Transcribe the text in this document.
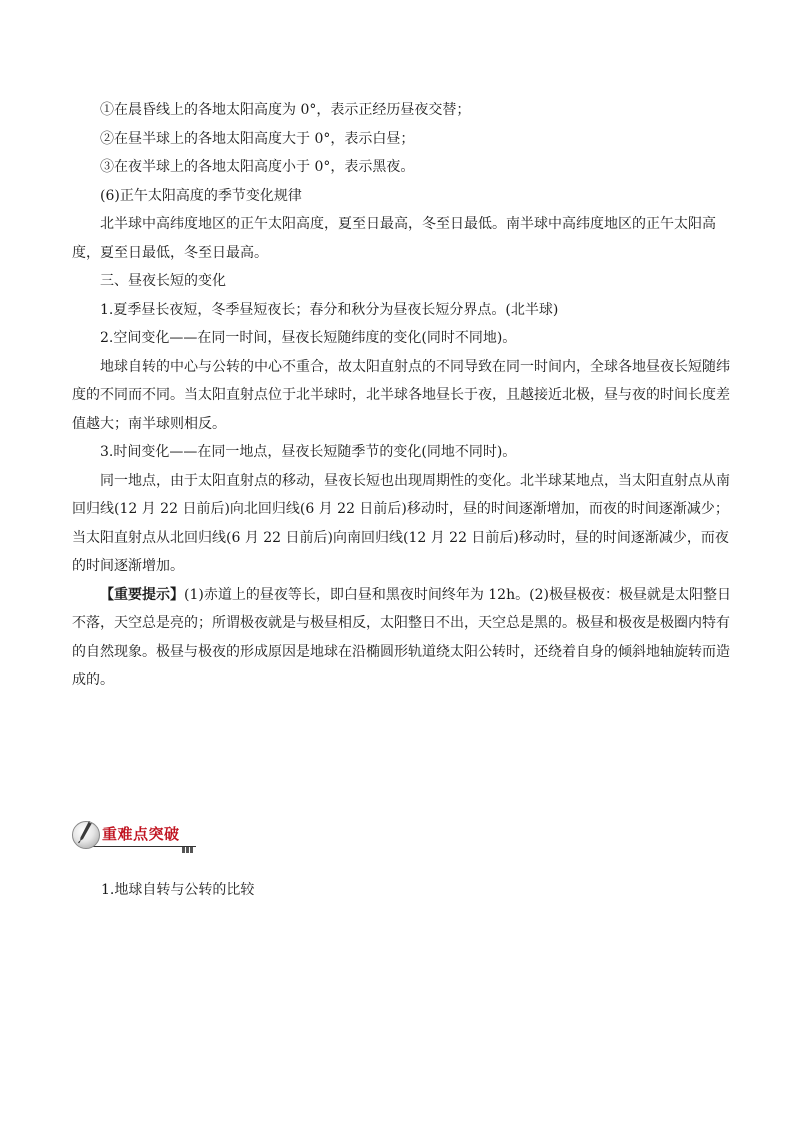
①在晨昏线上的各地太阳高度为 0°，表示正经历昼夜交替；

②在昼半球上的各地太阳高度大于 0°，表示白昼；

③在夜半球上的各地太阳高度小于 0°，表示黑夜。

(6)正午太阳高度的季节变化规律

北半球中高纬度地区的正午太阳高度，夏至日最高，冬至日最低。南半球中高纬度地区的正午太阳高度，夏至日最低，冬至日最高。

三、昼夜长短的变化

1.夏季昼长夜短，冬季昼短夜长；春分和秋分为昼夜长短分界点。(北半球)

2.空间变化——在同一时间，昼夜长短随纬度的变化(同时不同地)。

地球自转的中心与公转的中心不重合，故太阳直射点的不同导致在同一时间内，全球各地昼夜长短随纬度的不同而不同。当太阳直射点位于北半球时，北半球各地昼长于夜，且越接近北极，昼与夜的时间长度差值越大；南半球则相反。

3.时间变化——在同一地点，昼夜长短随季节的变化(同地不同时)。

同一地点，由于太阳直射点的移动，昼夜长短也出现周期性的变化。北半球某地点，当太阳直射点从南回归线(12 月 22 日前后)向北回归线(6 月 22 日前后)移动时，昼的时间逐渐增加，而夜的时间逐渐减少；当太阳直射点从北回归线(6 月 22 日前后)向南回归线(12 月 22 日前后)移动时，昼的时间逐渐减少，而夜的时间逐渐增加。

【重要提示】(1)赤道上的昼夜等长，即白昼和黑夜时间终年为 12h。(2)极昼极夜：极昼就是太阳整日不落，天空总是亮的；所谓极夜就是与极昼相反，太阳整日不出，天空总是黑的。极昼和极夜是极圈内特有的自然现象。极昼与极夜的形成原因是地球在沿椭圆形轨道绕太阳公转时，还绕着自身的倾斜地轴旋转而造成的。

重难点突破
1.地球自转与公转的比较
